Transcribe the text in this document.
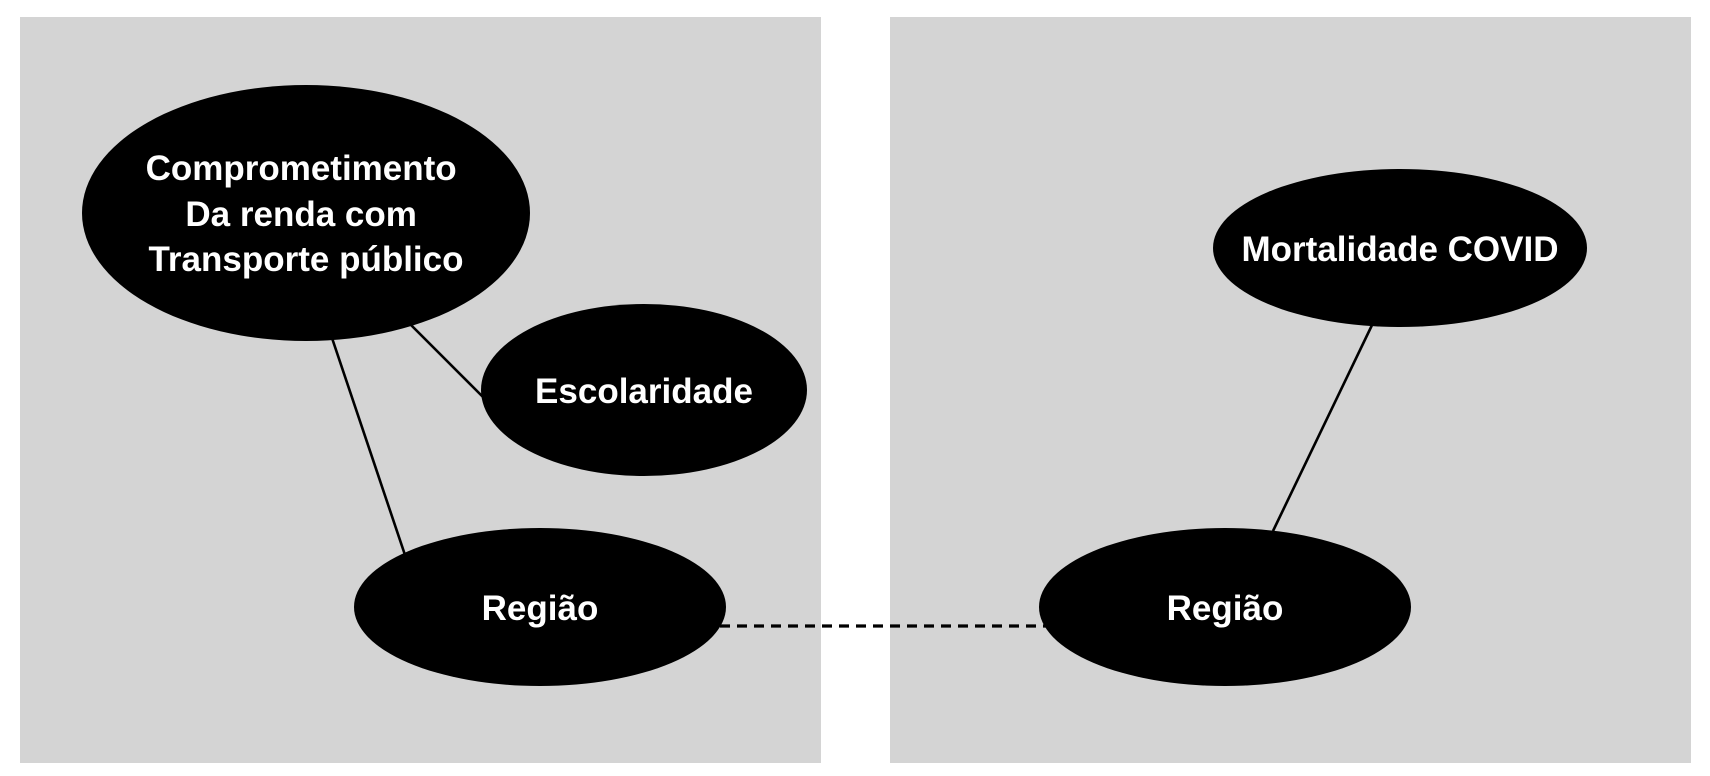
Comprometimento Da renda com Transporte público
Escolaridade
Região
Mortalidade COVID
Região
